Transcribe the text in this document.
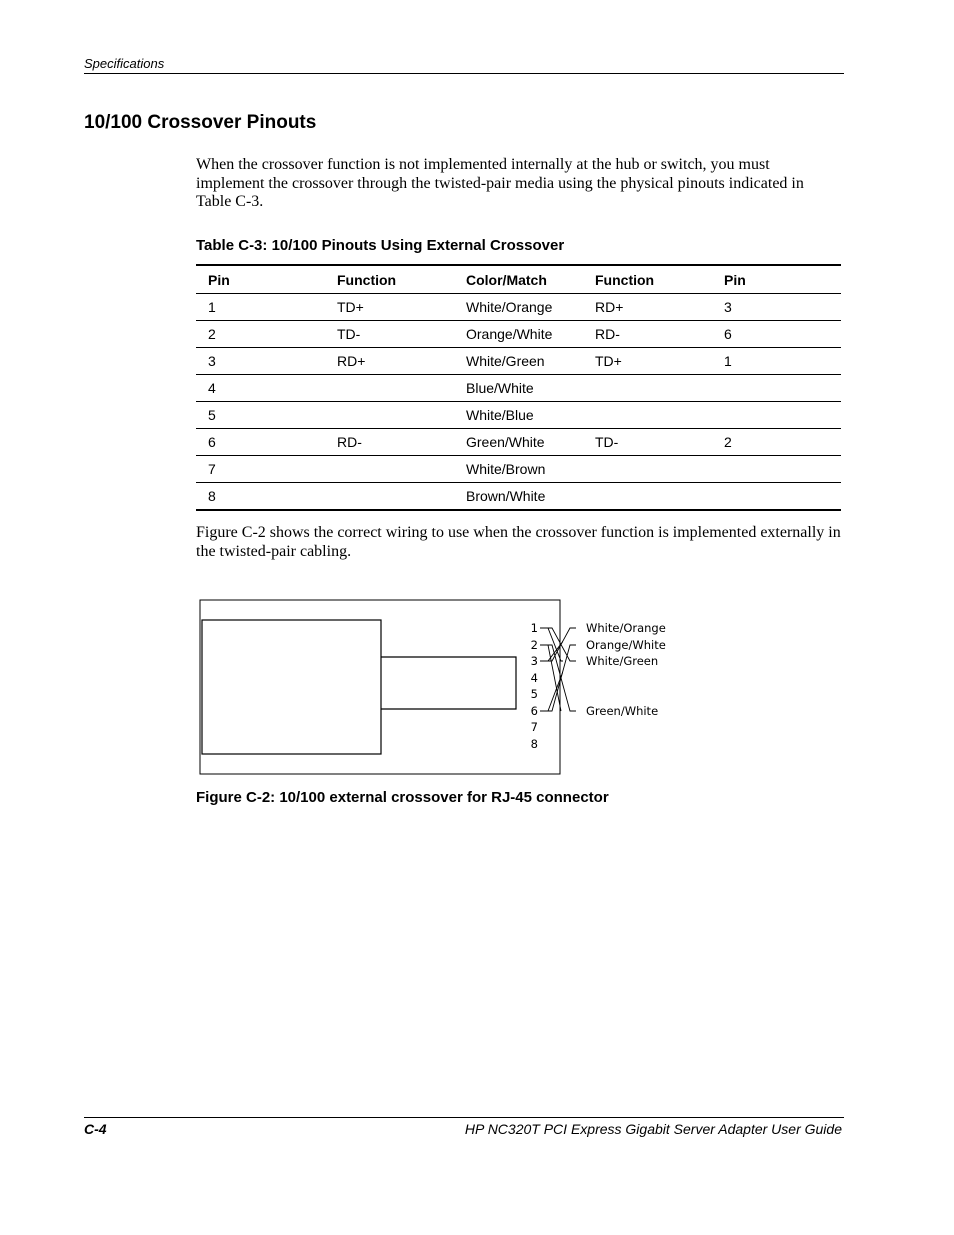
Specifications
10/100 Crossover Pinouts

When the crossover function is not implemented internally at the hub or switch, you must implement the crossover through the twisted-pair media using the physical pinouts indicated in Table C-3.

Table C-3: 10/100 Pinouts Using External Crossover
Pin	Function	Color/Match	Function	Pin
1	TD+	White/Orange	RD+	3
2	TD-	Orange/White	RD-	6
3	RD+	White/Green	TD+	1
4		Blue/White		
5		White/Blue		
6	RD-	Green/White	TD-	2
7		White/Brown		
8		Brown/White		

Figure C-2 shows the correct wiring to use when the crossover function is implemented externally in the twisted-pair cabling.

1
2
3
4
5
6
7
8
White/Orange
Orange/White
White/Green
Green/White
Figure C-2: 10/100 external crossover for RJ-45 connector
C-4	HP NC320T PCI Express Gigabit Server Adapter User Guide
